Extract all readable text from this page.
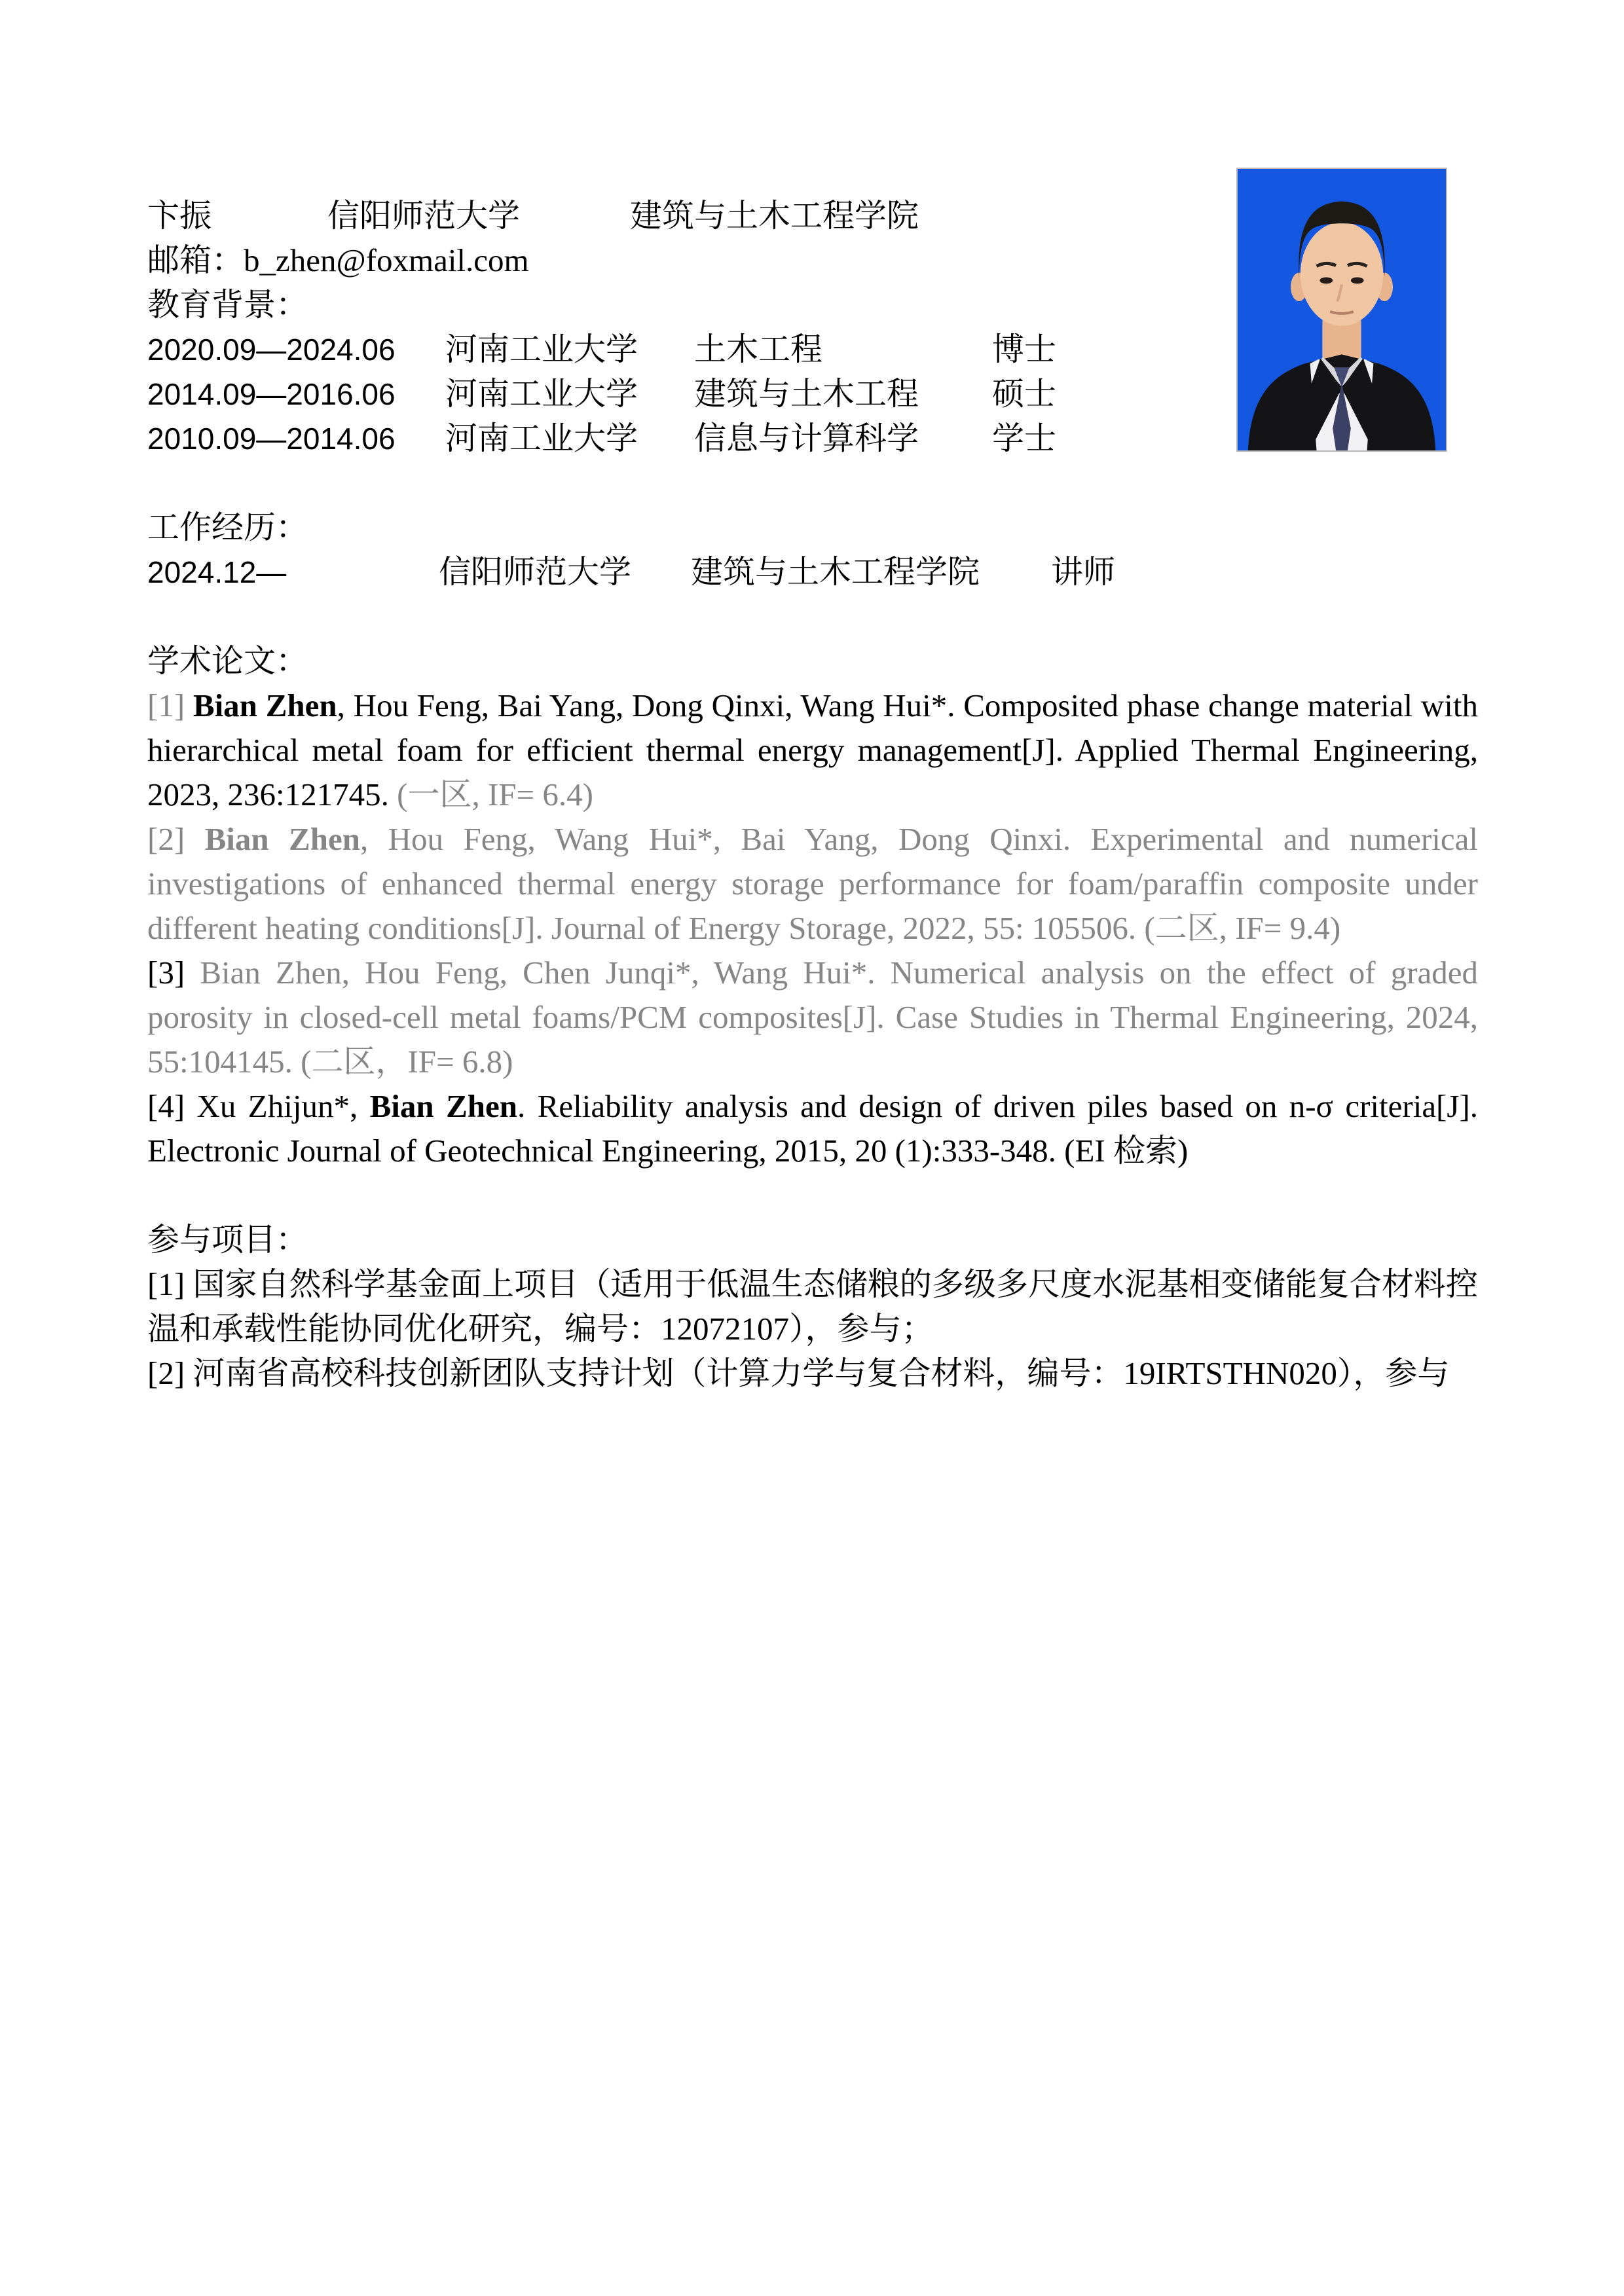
卞振	信阳师范大学	建筑与土木工程学院
邮箱：b_zhen@foxmail.com
教育背景：
2020.09—2024.06	河南工业大学	土木工程	博士
2014.09—2016.06	河南工业大学	建筑与土木工程	硕士
2010.09—2014.06	河南工业大学	信息与计算科学	学士
工作经历：
2024.12—	信阳师范大学	建筑与土木工程学院	讲师
学术论文：
[1] Bian Zhen, Hou Feng, Bai Yang, Dong Qinxi, Wang Hui*. Composited phase change material with hierarchical metal foam for efficient thermal energy management[J]. Applied Thermal Engineering, 2023, 236:121745. (一区, IF= 6.4)
[2] Bian Zhen, Hou Feng, Wang Hui*, Bai Yang, Dong Qinxi. Experimental and numerical investigations of enhanced thermal energy storage performance for foam/paraffin composite under different heating conditions[J]. Journal of Energy Storage, 2022, 55: 105506. (二区, IF= 9.4)
[3] Bian Zhen, Hou Feng, Chen Junqi*, Wang Hui*. Numerical analysis on the effect of graded porosity in closed-cell metal foams/PCM composites[J]. Case Studies in Thermal Engineering, 2024, 55:104145. (二区，IF= 6.8)
[4] Xu Zhijun*, Bian Zhen. Reliability analysis and design of driven piles based on n-σ criteria[J]. Electronic Journal of Geotechnical Engineering, 2015, 20 (1):333-348. (EI 检索)
参与项目：
[1] 国家自然科学基金面上项目（适用于低温生态储粮的多级多尺度水泥基相变储能复合材料控温和承载性能协同优化研究，编号：12072107），参与；
[2] 河南省高校科技创新团队支持计划（计算力学与复合材料，编号：19IRTSTHN020），参与
